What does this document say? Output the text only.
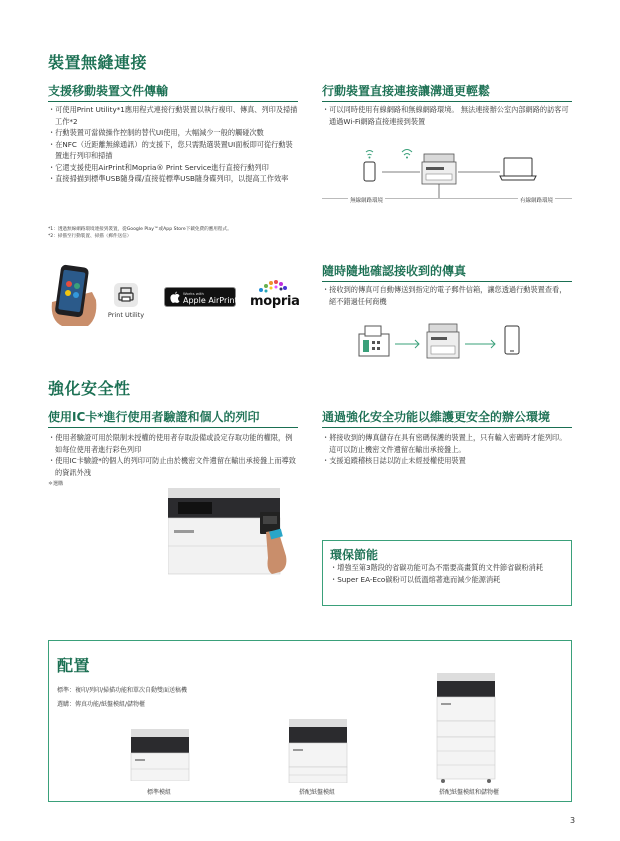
裝置無縫連接
支援移動裝置文件傳輸

・可使用Print Utility*1應用程式連接行動裝置以執行複印、傳真、列印及掃描工作*2

・行動裝置可當做操作控制的替代UI使用，大幅減少一般的觸碰次數

・在NFC（近距離無線通訊）的支援下，您只需點選裝置UI面板即可從行動裝置進行列印和掃描

・它還支援使用AirPrint和Mopria® Print Service進行直接行動列印

・直接掃描到標準USB隨身碟/直接從標準USB隨身碟列印，以提高工作效率

*1：透過無線網路環境連接到裝置，從Google Play™或App Store下載免費的應用程式。
*2：掃描至行動裝置、掃描（郵件送信）
Print Utility
Works with
Apple AirPrint mopria
行動裝置直接連接讓溝通更輕鬆

・可以同時使用有線網路和無線網路環境。 無法連接辦公室內部網路的訪客可通過Wi-Fi網路直接連接到裝置

無線網路環境	有線網路環境
隨時隨地確認接收到的傳真

・接收到的傳真可自動傳送到指定的電子郵件信箱，讓您透過行動裝置查看，絕不錯過任何商機

強化安全性
使用IC卡*進行使用者驗證和個人的列印

・使用者驗證可用於限制未授權的使用者存取設備或設定存取功能的權限，例如每位使用者進行彩色列印

・使用IC卡驗證*的個人的列印可防止由於機密文件遺留在輸出承接盤上而導致的資訊外洩

＊選購
通過強化安全功能以維護更安全的辦公環境

・將接收到的傳真儲存在具有密碼保護的裝置上，只有輸入密碼時才能列印。 這可以防止機密文件遺留在輸出承接盤上。

・支援追蹤稽核日誌以防止未經授權使用裝置

環保節能

・增強至第3階段的省碳功能可為不需要高畫質的文件節省碳粉消耗

・Super EA-Eco碳粉可以低溫熔著進而減少能源消耗

配置
標準：複印/列印/掃描功能和單次自動雙面送稿機
選購：傳真功能/紙盤模組/儲物櫃
標準模組	搭配紙盤模組	搭配紙盤模組和儲物櫃
3
